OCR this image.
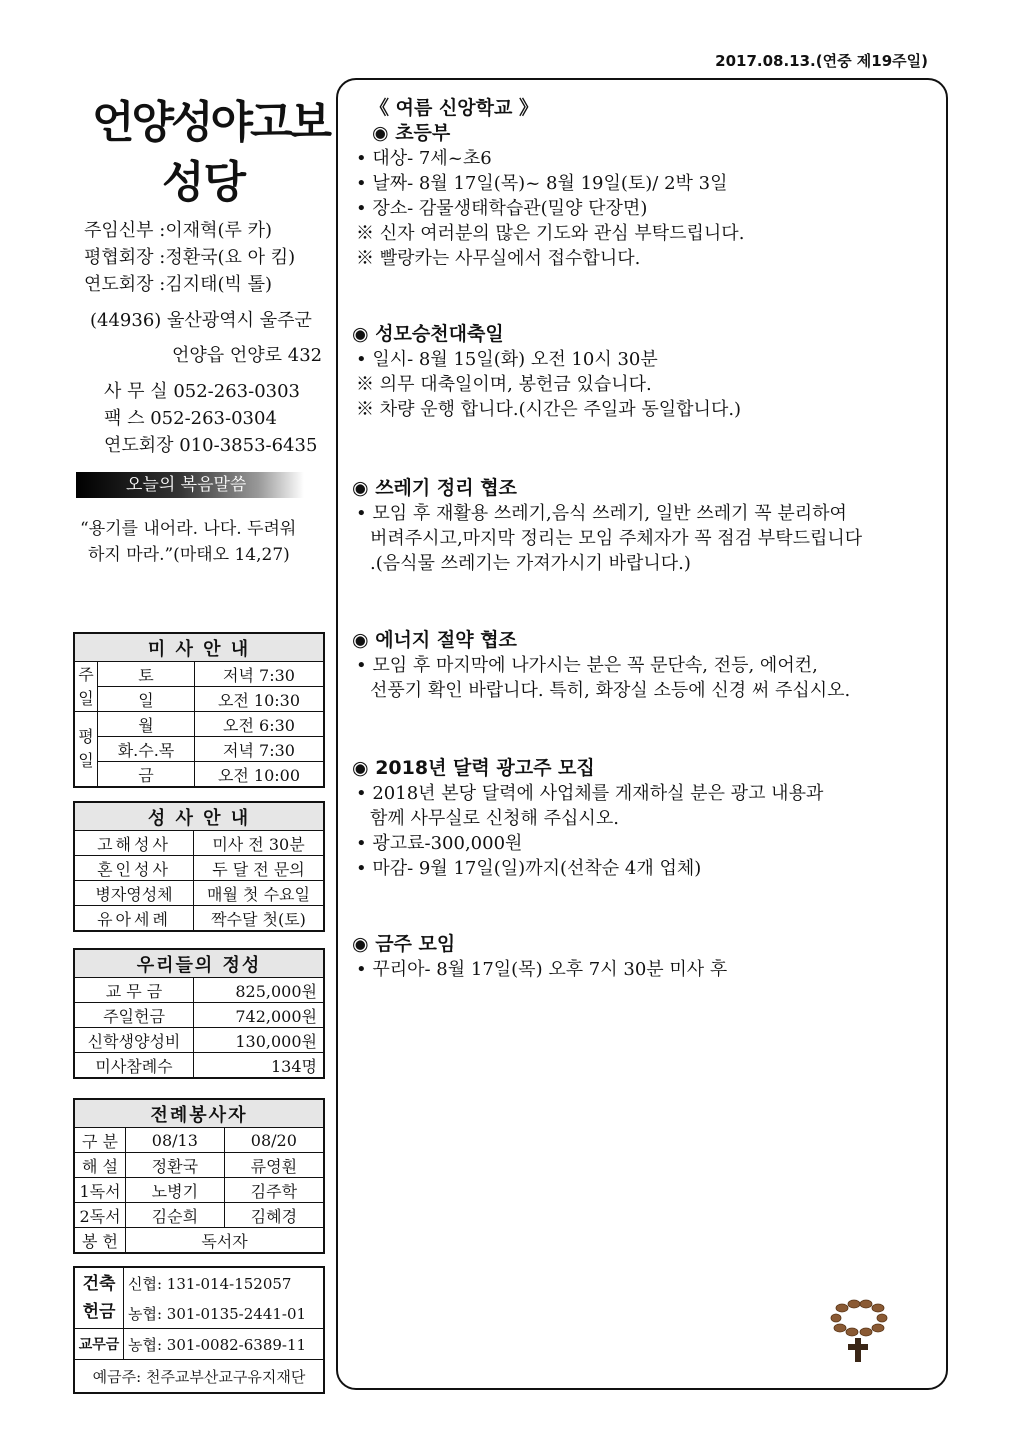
2017.08.13.(연중 제19주일)
언양성야고보
성당
주임신부 :이재혁(루 카)
평협회장 :정환국(요 아 킴)
연도회장 :김지태(빅 톨)
(44936) 울산광역시 울주군
언양읍 언양로 432
사 무 실 052-263-0303
팩 스 052-263-0304
연도회장 010-3853-6435
오늘의 복음말씀
“용기를 내어라. 나다. 두려워
하지 마라.”(마태오 14,27)
미 사 안 내		
주일	토	저녁 7:30
	일	오전 10:30
평일	월	오전 6:30
	화.수.목	저녁 7:30
	금	오전 10:00
성 사 안 내	
고해성사	미사 전 30분
혼인성사	두 달 전 문의
병자영성체	매월 첫 수요일
유아세례	짝수달 첫(토)
우리들의 정성	
교 무 금	825,000원
주일헌금	742,000원
신학생양성비	130,000원
미사참례수	134명
전례봉사자		
구 분	08/13	08/20
해 설	정환국	류영훤
1독서	노병기	김주학
2독서	김순희	김혜경
봉 헌	독서자	
건축헌금	신협: 131-014-152057
	농협: 301-0135-2441-01
교무금	농협: 301-0082-6389-11
예금주: 천주교부산교구유지재단	
《 여름 신앙학교 》
◉ 초등부
• 대상- 7세~초6
• 날짜- 8월 17일(목)~ 8월 19일(토)/ 2박 3일
• 장소- 감물생태학습관(밀양 단장면)
※ 신자 여러분의 많은 기도와 관심 부탁드립니다.
※ 빨랑카는 사무실에서 접수합니다.
◉ 성모승천대축일
• 일시- 8월 15일(화) 오전 10시 30분
※ 의무 대축일이며, 봉헌금 있습니다.
※ 차량 운행 합니다.(시간은 주일과 동일합니다.)
◉ 쓰레기 정리 협조
• 모임 후 재활용 쓰레기,음식 쓰레기, 일반 쓰레기 꼭 분리하여
버려주시고,마지막 정리는 모임 주체자가 꼭 점검 부탁드립니다
.(음식물 쓰레기는 가져가시기 바랍니다.)
◉ 에너지 절약 협조
• 모임 후 마지막에 나가시는 분은 꼭 문단속, 전등, 에어컨,
선풍기 확인 바랍니다. 특히, 화장실 소등에 신경 써 주십시오.
◉ 2018년 달력 광고주 모집
• 2018년 본당 달력에 사업체를 게재하실 분은 광고 내용과
함께 사무실로 신청해 주십시오.
• 광고료-300,000원
• 마감- 9월 17일(일)까지(선착순 4개 업체)
◉ 금주 모임
• 꾸리아- 8월 17일(목) 오후 7시 30분 미사 후
